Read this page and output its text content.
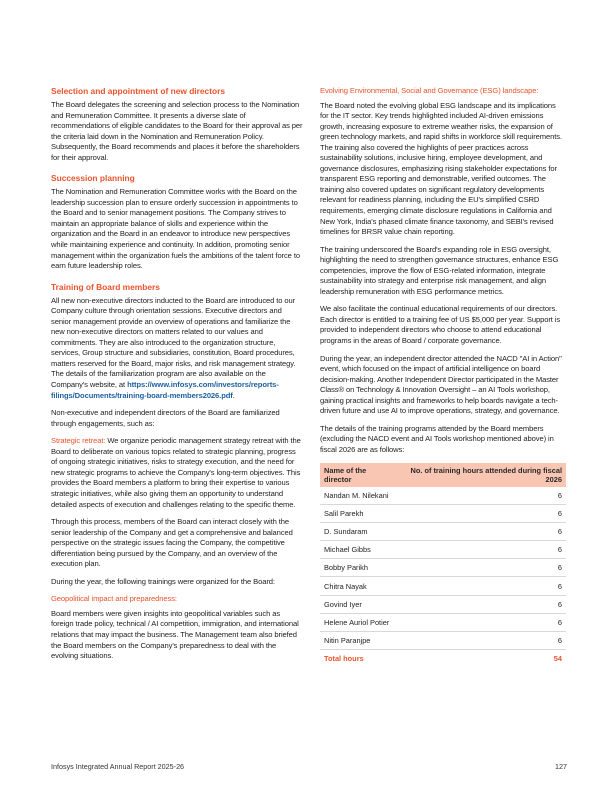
Selection and appointment of new directors

The Board delegates the screening and selection process to the Nomination and Remuneration Committee. It presents a diverse slate of recommendations of eligible candidates to the Board for their approval as per the criteria laid down in the Nomination and Remuneration Policy. Subsequently, the Board recommends and places it before the shareholders for their approval.

Succession planning

The Nomination and Remuneration Committee works with the Board on the leadership succession plan to ensure orderly succession in appointments to the Board and to senior management positions. The Company strives to maintain an appropriate balance of skills and experience within the organization and the Board in an endeavor to introduce new perspectives while maintaining experience and continuity. In addition, promoting senior management within the organization fuels the ambitions of the talent force to earn future leadership roles.

Training of Board members

All new non-executive directors inducted to the Board are introduced to our Company culture through orientation sessions. Executive directors and senior management provide an overview of operations and familiarize the new non-executive directors on matters related to our values and commitments. They are also introduced to the organization structure, services, Group structure and subsidiaries, constitution, Board procedures, matters reserved for the Board, major risks, and risk management strategy. The details of the familiarization program are also available on the Company's website, at https://www.infosys.com/investors/reports-filings/Documents/training-board-members2026.pdf.

Non-executive and independent directors of the Board are familiarized through engagements, such as:

Strategic retreat: We organize periodic management strategy retreat with the Board to deliberate on various topics related to strategic planning, progress of ongoing strategic initiatives, risks to strategy execution, and the need for new strategic programs to achieve the Company's long-term objectives. This provides the Board members a platform to bring their expertise to various strategic initiatives, while also giving them an opportunity to understand detailed aspects of execution and challenges relating to the specific theme.

Through this process, members of the Board can interact closely with the senior leadership of the Company and get a comprehensive and balanced perspective on the strategic issues facing the Company, the competitive differentiation being pursued by the Company, and an overview of the execution plan.

During the year, the following trainings were organized for the Board:

Geopolitical impact and preparedness:

Board members were given insights into geopolitical variables such as foreign trade policy, technical / AI competition, immigration, and international relations that may impact the business. The Management team also briefed the Board members on the Company's preparedness to deal with the evolving situations.

Evolving Environmental, Social and Governance (ESG) landscape:

The Board noted the evolving global ESG landscape and its implications for the IT sector. Key trends highlighted included AI-driven emissions growth, increasing exposure to extreme weather risks, the expansion of green technology markets, and rapid shifts in workforce skill requirements. The training also covered the highlights of peer practices across sustainability solutions, inclusive hiring, employee development, and governance disclosures, emphasizing rising stakeholder expectations for transparent ESG reporting and demonstrable, verified outcomes. The training also covered updates on significant regulatory developments relevant for readiness planning, including the EU's simplified CSRD requirements, emerging climate disclosure regulations in California and New York, India's phased climate finance taxonomy, and SEBI's revised timelines for BRSR value chain reporting.

The training underscored the Board's expanding role in ESG oversight, highlighting the need to strengthen governance structures, enhance ESG competencies, improve the flow of ESG-related information, integrate sustainability into strategy and enterprise risk management, and align leadership remuneration with ESG performance metrics.

We also facilitate the continual educational requirements of our directors. Each director is entitled to a training fee of US $5,000 per year. Support is provided to independent directors who choose to attend educational programs in the areas of Board / corporate governance.

During the year, an independent director attended the NACD "AI in Action" event, which focused on the impact of artificial intelligence on board decision-making. Another Independent Director participated in the Master Class® on Technology & Innovation Oversight – an AI Tools workshop, gaining practical insights and frameworks to help boards navigate a tech-driven future and use AI to improve operations, strategy, and governance.

The details of the training programs attended by the Board members (excluding the NACD event and AI Tools workshop mentioned above) in fiscal 2026 are as follows:

Name of the director	No. of training hours attended during fiscal 2026
Nandan M. Nilekani	6
Salil Parekh	6
D. Sundaram	6
Michael Gibbs	6
Bobby Parikh	6
Chitra Nayak	6
Govind Iyer	6
Helene Auriol Potier	6
Nitin Paranjpe	6
Total hours	54
Infosys Integrated Annual Report 2025-26	127
